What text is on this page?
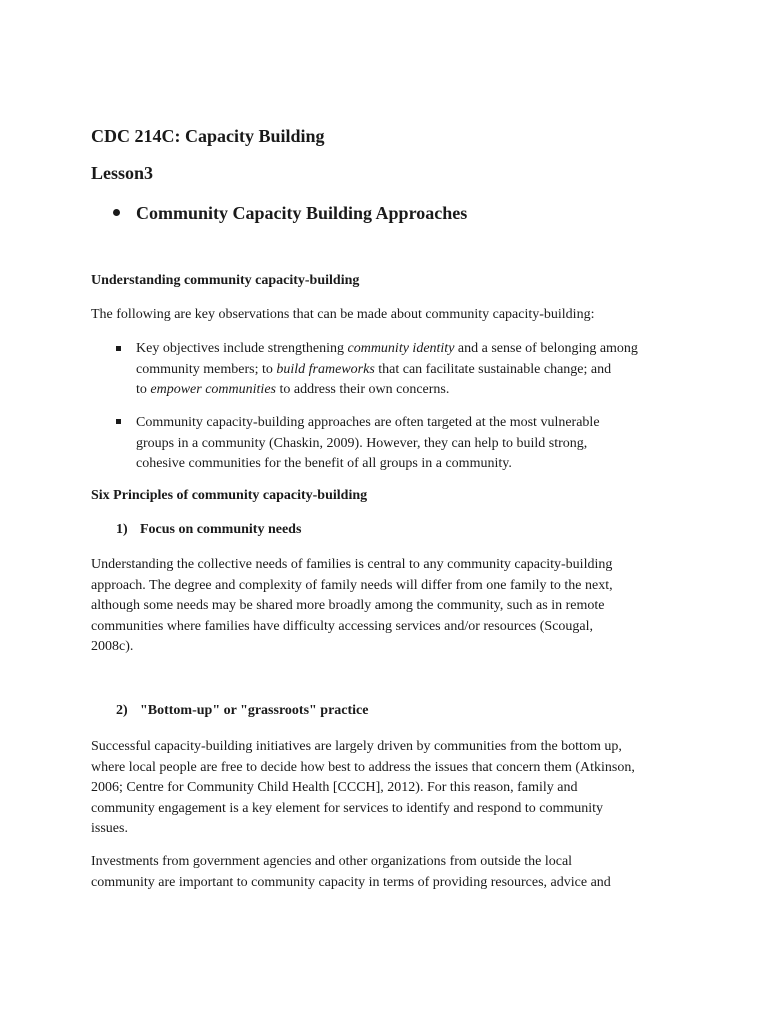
CDC 214C: Capacity Building
Lesson3
Community Capacity Building Approaches
Understanding community capacity-building
The following are key observations that can be made about community capacity-building:
Key objectives include strengthening community identity and a sense of belonging among
community members; to build frameworks that can facilitate sustainable change; and
to empower communities to address their own concerns.
Community capacity-building approaches are often targeted at the most vulnerable
groups in a community (Chaskin, 2009). However, they can help to build strong,
cohesive communities for the benefit of all groups in a community.
Six Principles of community capacity-building
1) Focus on community needs
Understanding the collective needs of families is central to any community capacity-building
approach. The degree and complexity of family needs will differ from one family to the next,
although some needs may be shared more broadly among the community, such as in remote
communities where families have difficulty accessing services and/or resources (Scougal,
2008c).
2) "Bottom-up" or "grassroots" practice
Successful capacity-building initiatives are largely driven by communities from the bottom up,
where local people are free to decide how best to address the issues that concern them (Atkinson,
2006; Centre for Community Child Health [CCCH], 2012). For this reason, family and
community engagement is a key element for services to identify and respond to community
issues.
Investments from government agencies and other organizations from outside the local
community are important to community capacity in terms of providing resources, advice and
